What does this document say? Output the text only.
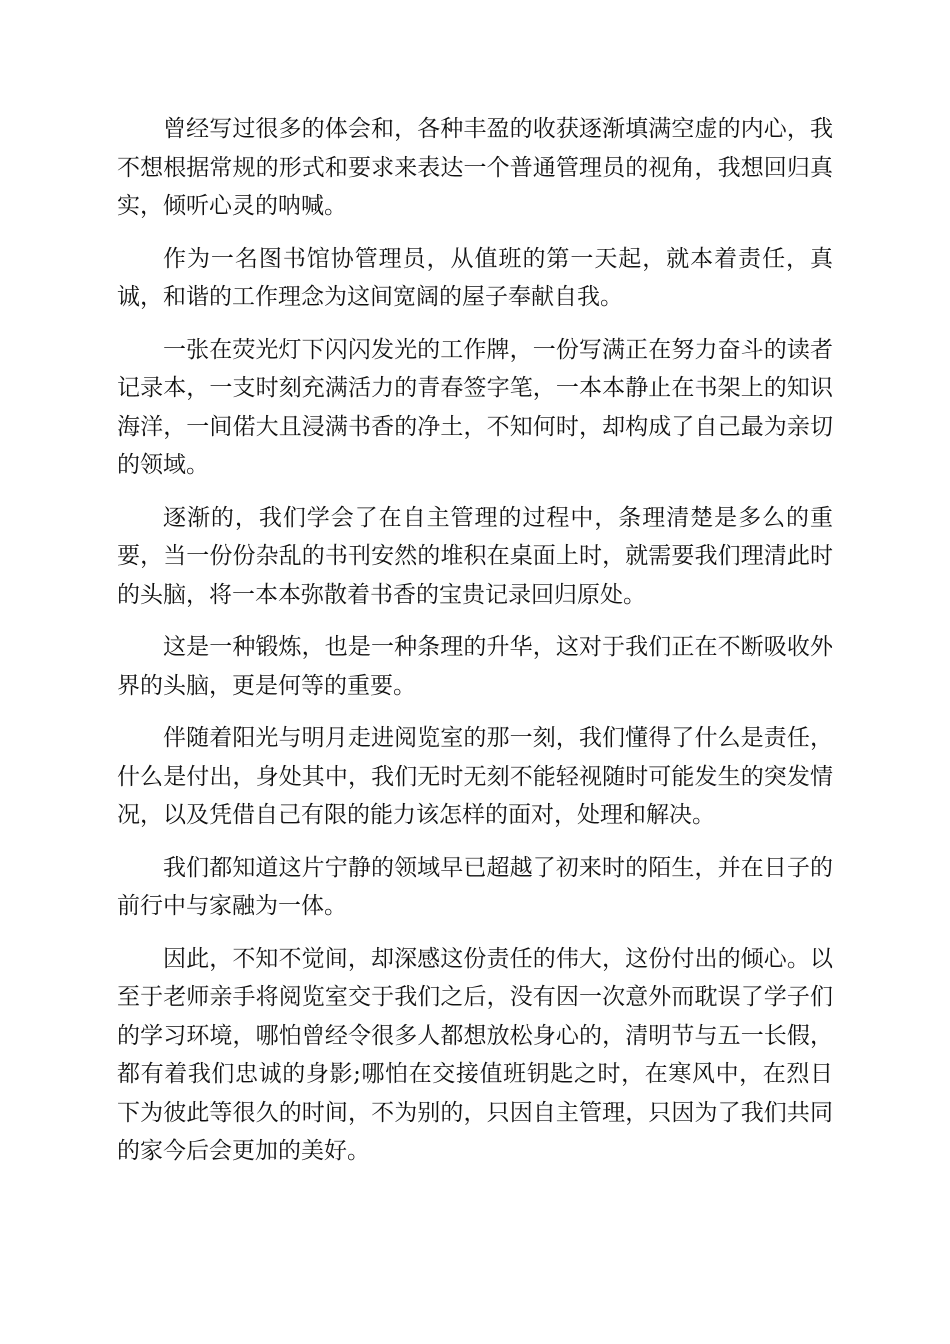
曾经写过很多的体会和，各种丰盈的收获逐渐填满空虚的内心，我不想根据常规的形式和要求来表达一个普通管理员的视角，我想回归真实，倾听心灵的呐喊。

作为一名图书馆协管理员，从值班的第一天起，就本着责任，真诚，和谐的工作理念为这间宽阔的屋子奉献自我。

一张在荧光灯下闪闪发光的工作牌，一份写满正在努力奋斗的读者记录本，一支时刻充满活力的青春签字笔，一本本静止在书架上的知识海洋，一间偌大且浸满书香的净土，不知何时，却构成了自己最为亲切的领域。

逐渐的，我们学会了在自主管理的过程中，条理清楚是多么的重要，当一份份杂乱的书刊安然的堆积在桌面上时，就需要我们理清此时的头脑，将一本本弥散着书香的宝贵记录回归原处。

这是一种锻炼，也是一种条理的升华，这对于我们正在不断吸收外界的头脑，更是何等的重要。

伴随着阳光与明月走进阅览室的那一刻，我们懂得了什么是责任，什么是付出，身处其中，我们无时无刻不能轻视随时可能发生的突发情况，以及凭借自己有限的能力该怎样的面对，处理和解决。

我们都知道这片宁静的领域早已超越了初来时的陌生，并在日子的前行中与家融为一体。

因此，不知不觉间，却深感这份责任的伟大，这份付出的倾心。以至于老师亲手将阅览室交于我们之后，没有因一次意外而耽误了学子们的学习环境，哪怕曾经令很多人都想放松身心的，清明节与五一长假，都有着我们忠诚的身影;哪怕在交接值班钥匙之时，在寒风中，在烈日下为彼此等很久的时间，不为别的，只因自主管理，只因为了我们共同的家今后会更加的美好。
